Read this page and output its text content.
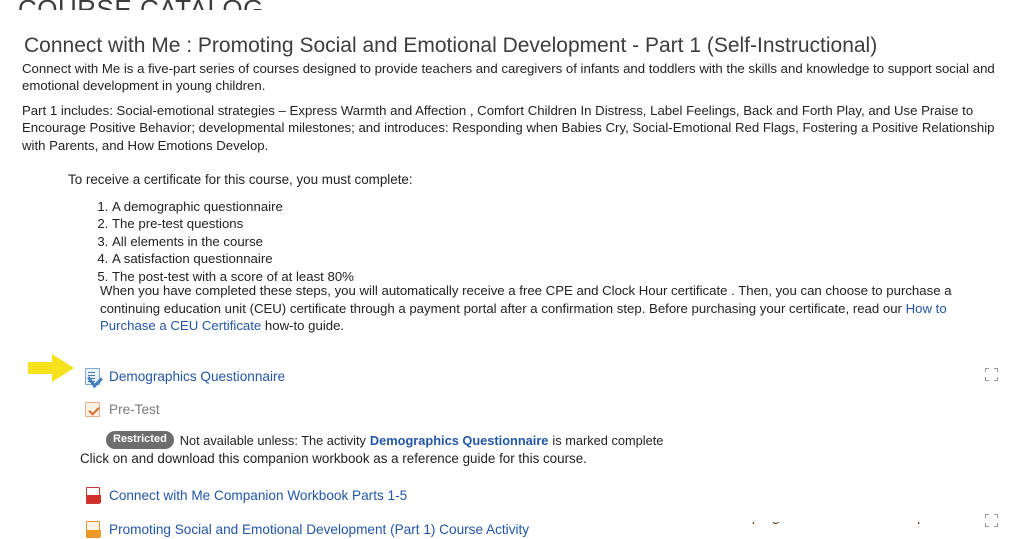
Connect with Me : Promoting Social and Emotional Development - Part 1 (Self-Instructional)
Connect with Me is a five-part series of courses designed to provide teachers and caregivers of infants and toddlers with the skills and knowledge to support social and emotional development in young children.
Part 1 includes: Social-emotional strategies – Express Warmth and Affection , Comfort Children In Distress, Label Feelings, Back and Forth Play, and Use Praise to Encourage Positive Behavior; developmental milestones; and introduces: Responding when Babies Cry, Social-Emotional Red Flags, Fostering a Positive Relationship with Parents, and How Emotions Develop.
To receive a certificate for this course, you must complete:
1. A demographic questionnaire
2. The pre-test questions
3. All elements in the course
4. A satisfaction questionnaire
5. The post-test with a score of at least 80%
When you have completed these steps, you will automatically receive a free CPE and Clock Hour certificate . Then, you can choose to purchase a continuing education unit (CEU) certificate through a payment portal after a confirmation step. Before purchasing your certificate, read our How to Purchase a CEU Certificate how-to guide.
Demographics Questionnaire
Pre-Test
Restricted	Not available unless: The activity Demographics Questionnaire is marked complete
Click on and download this companion workbook as a reference guide for this course.
Connect with Me Companion Workbook Parts 1-5
Promoting Social and Emotional Development (Part 1) Course Activity
